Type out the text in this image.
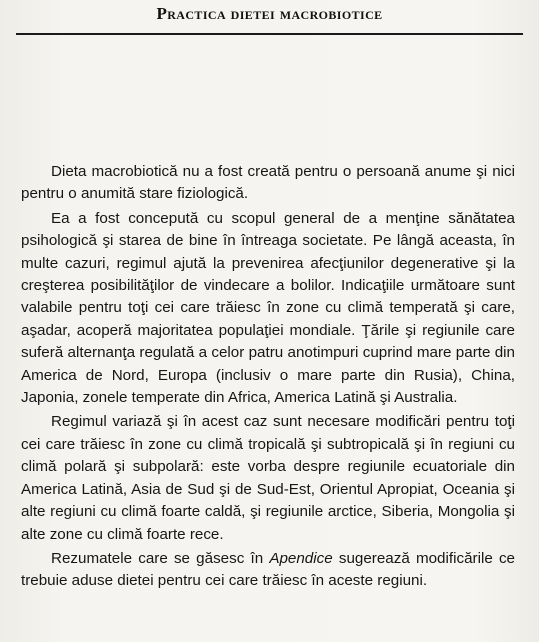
Practica dietei macrobiotice

Dieta macrobiotică nu a fost creată pentru o persoană anume şi nici pentru o anumită stare fiziologică.

Ea a fost concepută cu scopul general de a menţine sănătatea psihologică şi starea de bine în întreaga societate. Pe lângă aceasta, în multe cazuri, regimul ajută la prevenirea afecţiunilor degenerative şi la creşterea posibilităţilor de vindecare a bolilor. Indicaţiile următoare sunt valabile pentru toţi cei care trăiesc în zone cu climă temperată şi care, aşadar, acoperă majoritatea populaţiei mondiale. Ţările şi regiunile care suferă alternanţa regulată a celor patru anotimpuri cuprind mare parte din America de Nord, Europa (inclusiv o mare parte din Rusia), China, Japonia, zonele temperate din Africa, America Latină şi Australia.

Regimul variază şi în acest caz sunt necesare modificări pentru toţi cei care trăiesc în zone cu climă tropicală şi subtropicală şi în regiuni cu climă polară şi subpolară: este vorba despre regiunile ecuatoriale din America Latină, Asia de Sud şi de Sud-Est, Orientul Apropiat, Oceania şi alte regiuni cu climă foarte caldă, şi regiunile arctice, Siberia, Mongolia şi alte zone cu climă foarte rece.

Rezumatele care se găsesc în Apendice sugerează modificările ce trebuie aduse dietei pentru cei care trăiesc în aceste regiuni.
